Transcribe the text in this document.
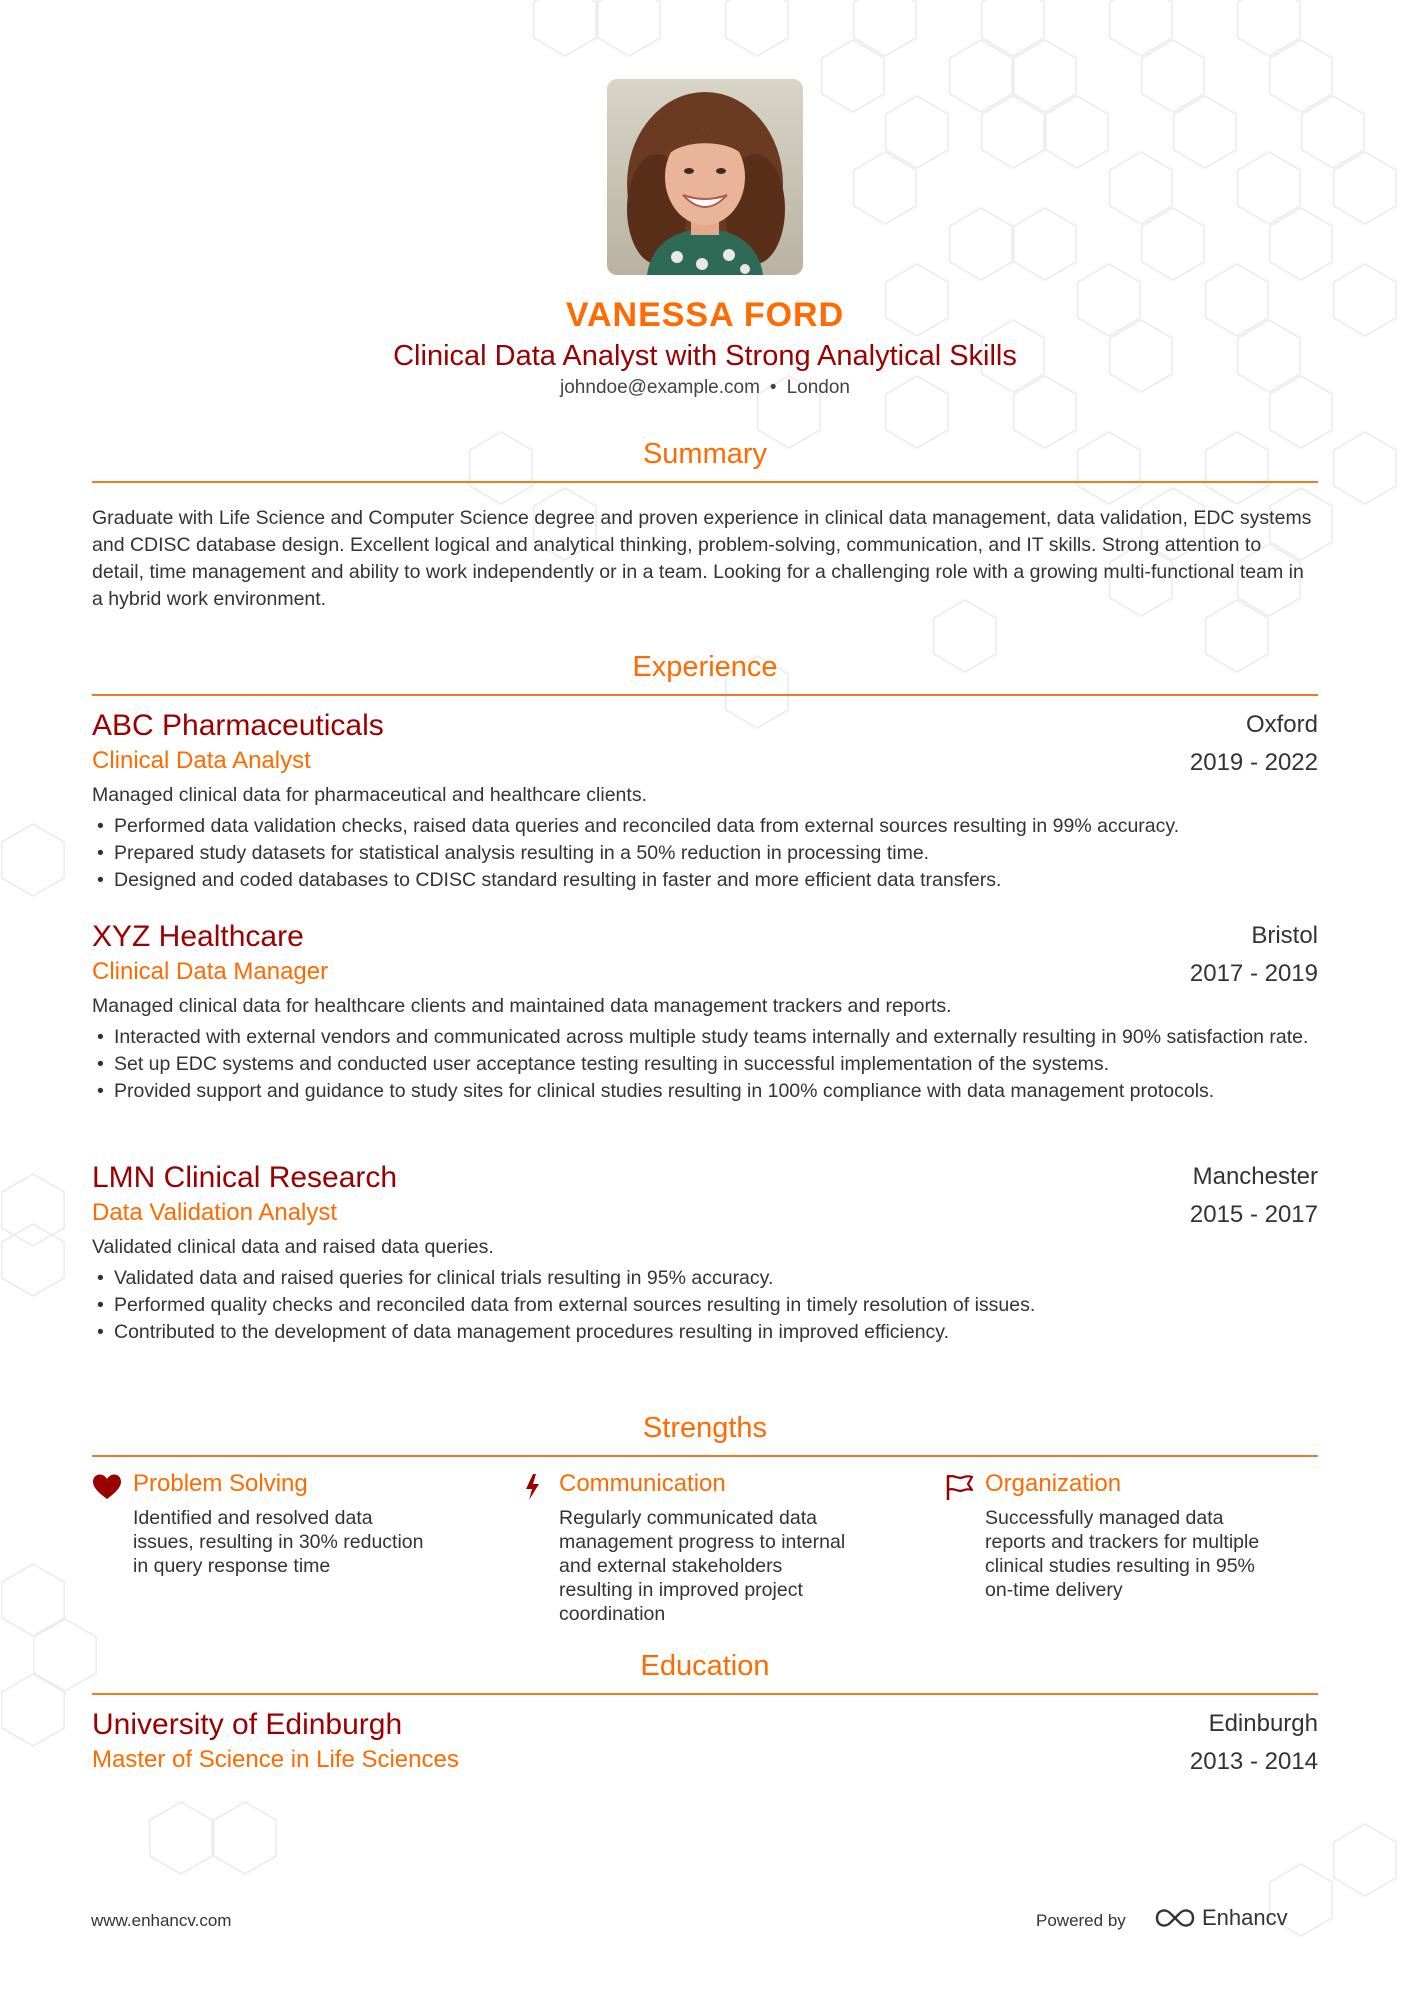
VANESSA FORD
Clinical Data Analyst with Strong Analytical Skills
johndoe@example.com • London
Summary

Graduate with Life Science and Computer Science degree and proven experience in clinical data management, data validation, EDC systems and CDISC database design. Excellent logical and analytical thinking, problem-solving, communication, and IT skills. Strong attention to detail, time management and ability to work independently or in a team. Looking for a challenging role with a growing multi-functional team in a hybrid work environment.

Experience
ABC Pharmaceuticals	Oxford
Clinical Data Analyst	2019 - 2022
Managed clinical data for pharmaceutical and healthcare clients.
• Performed data validation checks, raised data queries and reconciled data from external sources resulting in 99% accuracy.
• Prepared study datasets for statistical analysis resulting in a 50% reduction in processing time.
• Designed and coded databases to CDISC standard resulting in faster and more efficient data transfers.
XYZ Healthcare	Bristol
Clinical Data Manager	2017 - 2019
Managed clinical data for healthcare clients and maintained data management trackers and reports.
• Interacted with external vendors and communicated across multiple study teams internally and externally resulting in 90% satisfaction rate.
• Set up EDC systems and conducted user acceptance testing resulting in successful implementation of the systems.
• Provided support and guidance to study sites for clinical studies resulting in 100% compliance with data management protocols.
LMN Clinical Research	Manchester
Data Validation Analyst	2015 - 2017
Validated clinical data and raised data queries.
• Validated data and raised queries for clinical trials resulting in 95% accuracy.
• Performed quality checks and reconciled data from external sources resulting in timely resolution of issues.
• Contributed to the development of data management procedures resulting in improved efficiency.
Strengths
Problem Solving
Identified and resolved data issues, resulting in 30% reduction in query response time
Communication
Regularly communicated data management progress to internal and external stakeholders resulting in improved project coordination
Organization
Successfully managed data reports and trackers for multiple clinical studies resulting in 95% on-time delivery
Education
University of Edinburgh	Edinburgh
Master of Science in Life Sciences	2013 - 2014
www.enhancv.com	Powered by	Enhancv
